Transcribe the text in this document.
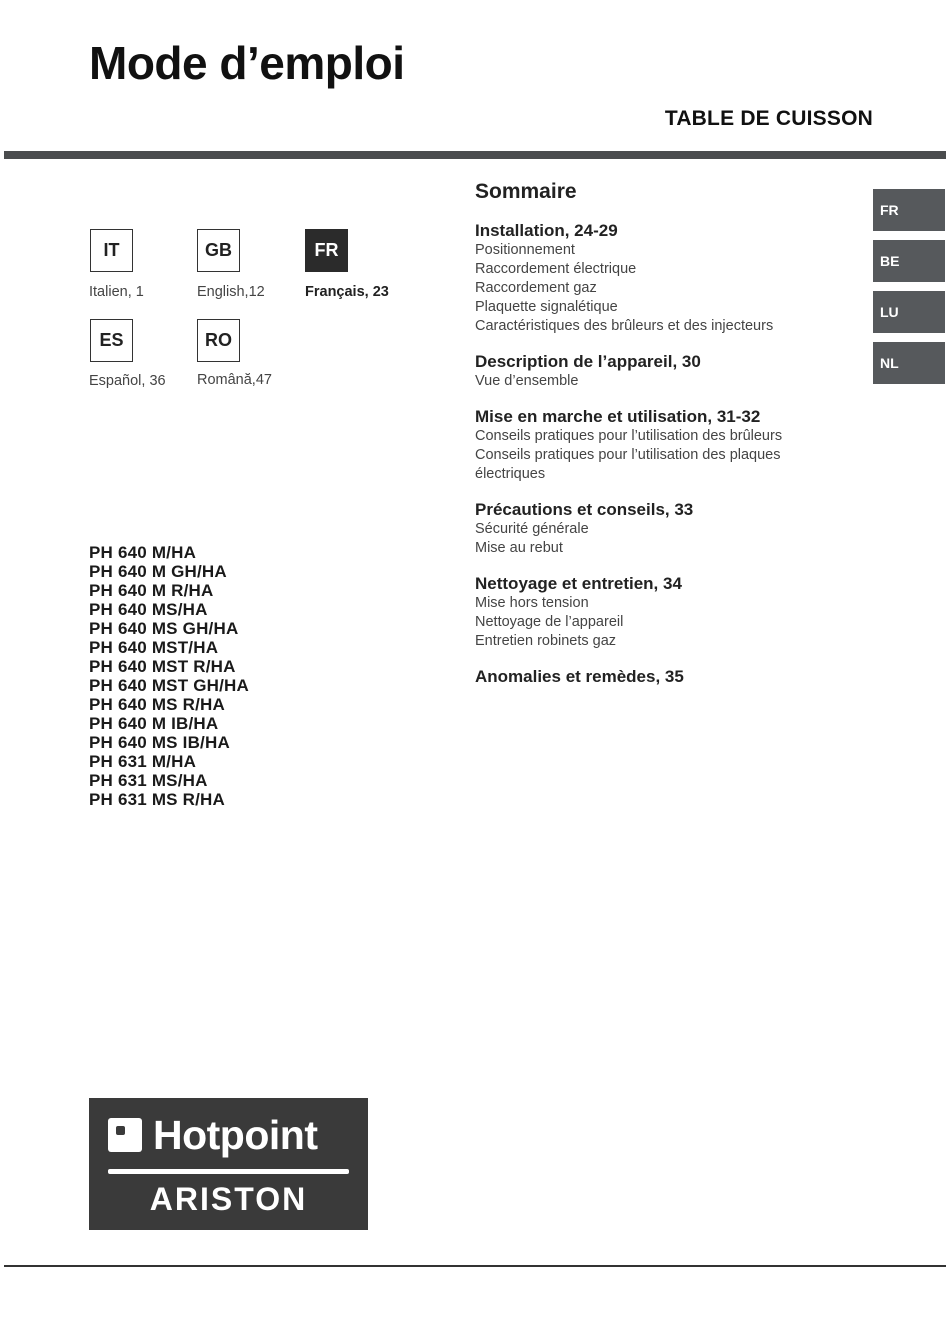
Mode d’emploi
TABLE DE CUISSON
IT
Italien, 1
GB
English,12
FR
Français, 23
ES
Español, 36
RO
Română,47
PH 640 M/HA
PH 640 M GH/HA
PH 640 M R/HA
PH 640 MS/HA
PH 640 MS GH/HA
PH 640 MST/HA
PH 640 MST R/HA
PH 640 MST GH/HA
PH 640 MS R/HA
PH 640 M IB/HA
PH 640 MS IB/HA
PH 631 M/HA
PH 631 MS/HA
PH 631 MS R/HA
Sommaire
Installation, 24-29
Positionnement
Raccordement électrique
Raccordement gaz
Plaquette signalétique
Caractéristiques des brûleurs et des injecteurs
Description de l’appareil, 30
Vue d’ensemble
Mise en marche et utilisation, 31-32
Conseils pratiques pour l’utilisation des brûleurs
Conseils pratiques pour l’utilisation des plaques
électriques
Précautions et conseils, 33
Sécurité générale
Mise au rebut
Nettoyage et entretien, 34
Mise hors tension
Nettoyage de l’appareil
Entretien robinets gaz
Anomalies et remèdes, 35
FR
BE
LU
NL
Hotpoint
ARISTON
